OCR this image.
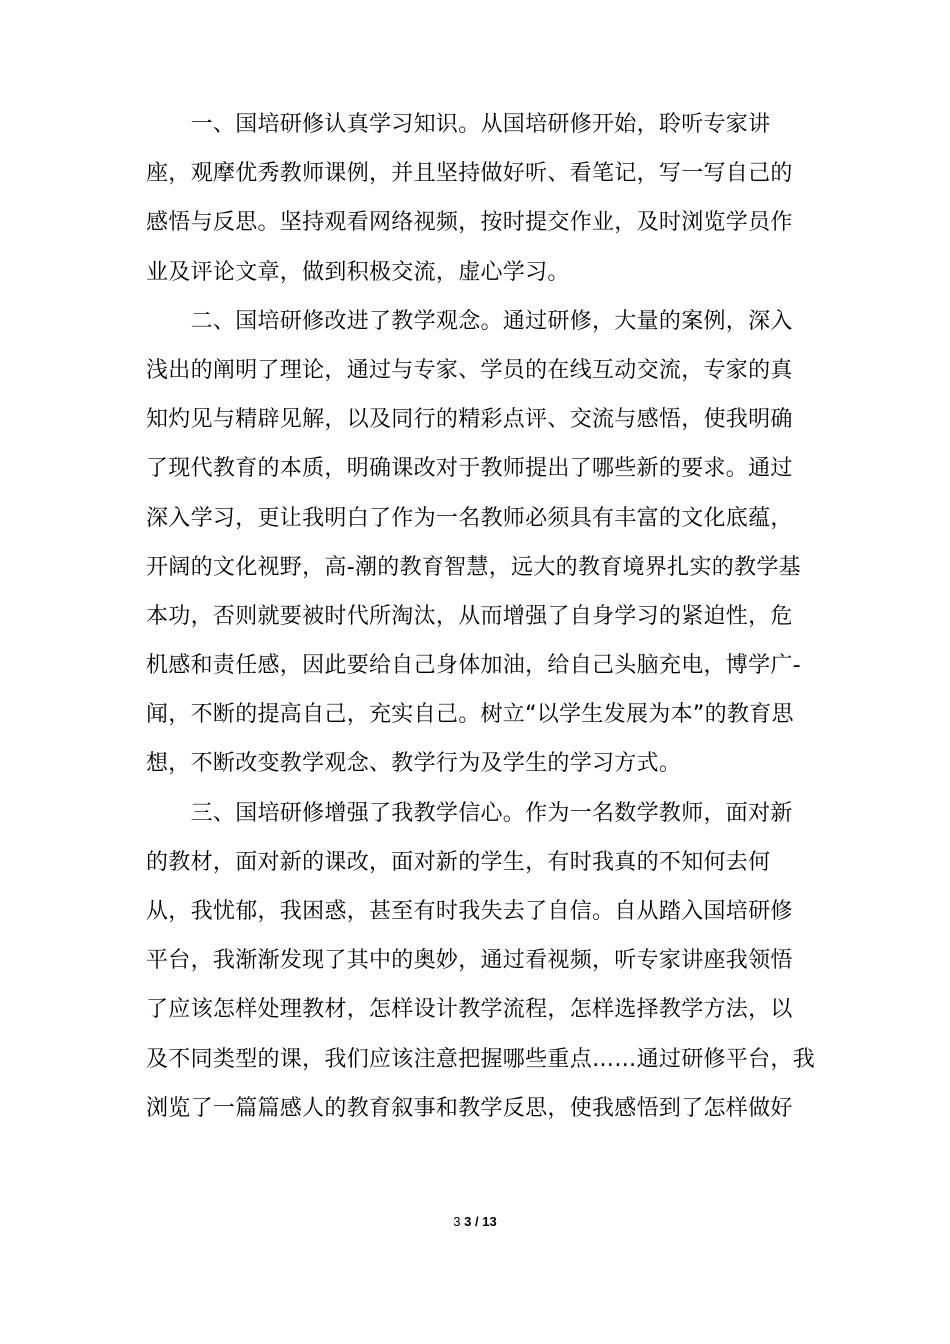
　　一、国培研修认真学习知识。从国培研修开始，聆听专家讲
座，观摩优秀教师课例，并且坚持做好听、看笔记，写一写自己的
感悟与反思。坚持观看网络视频，按时提交作业，及时浏览学员作
业及评论文章，做到积极交流，虚心学习。
　　二、国培研修改进了教学观念。通过研修，大量的案例，深入
浅出的阐明了理论，通过与专家、学员的在线互动交流，专家的真
知灼见与精辟见解，以及同行的精彩点评、交流与感悟，使我明确
了现代教育的本质，明确课改对于教师提出了哪些新的要求。通过
深入学习，更让我明白了作为一名教师必须具有丰富的文化底蕴，
开阔的文化视野，高-潮的教育智慧，远大的教育境界扎实的教学基
本功，否则就要被时代所淘汰，从而增强了自身学习的紧迫性，危
机感和责任感，因此要给自己身体加油，给自己头脑充电，博学广-
闻，不断的提高自己，充实自己。树立“以学生发展为本”的教育思
想，不断改变教学观念、教学行为及学生的学习方式。
　　三、国培研修增强了我教学信心。作为一名数学教师，面对新
的教材，面对新的课改，面对新的学生，有时我真的不知何去何
从，我忧郁，我困惑，甚至有时我失去了自信。自从踏入国培研修
平台，我渐渐发现了其中的奥妙，通过看视频，听专家讲座我领悟
了应该怎样处理教材，怎样设计教学流程，怎样选择教学方法，以
及不同类型的课，我们应该注意把握哪些重点……通过研修平台，我
浏览了一篇篇感人的教育叙事和教学反思，使我感悟到了怎样做好
3 3 / 13
